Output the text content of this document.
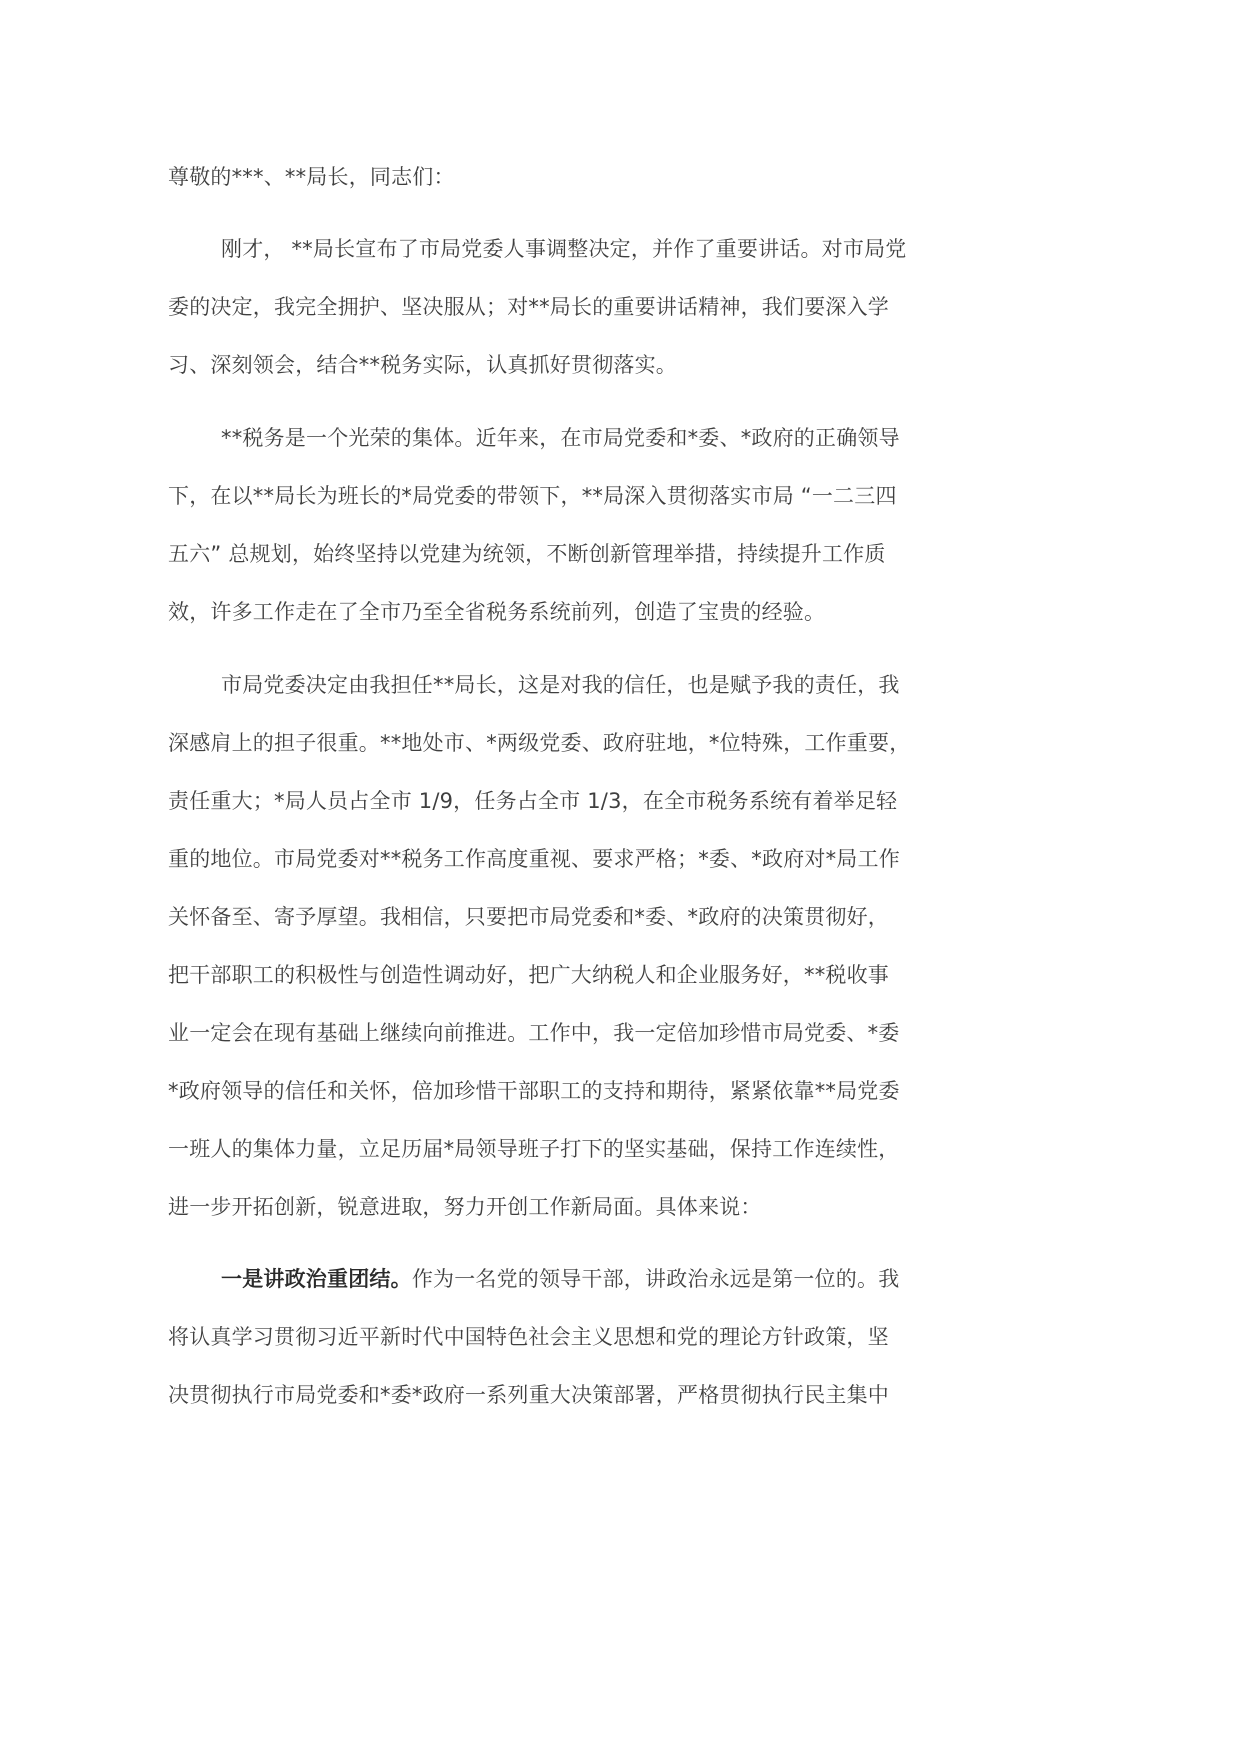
尊敬的***、**局长，同志们：
刚才， **局长宣布了市局党委人事调整决定，并作了重要讲话。对市局党
委的决定，我完全拥护、坚决服从；对**局长的重要讲话精神，我们要深入学
习、深刻领会，结合**税务实际，认真抓好贯彻落实。
**税务是一个光荣的集体。近年来，在市局党委和*委、*政府的正确领导
下，在以**局长为班长的*局党委的带领下，**局深入贯彻落实市局 “一二三四
五六” 总规划，始终坚持以党建为统领，不断创新管理举措，持续提升工作质
效，许多工作走在了全市乃至全省税务系统前列，创造了宝贵的经验。
市局党委决定由我担任**局长，这是对我的信任，也是赋予我的责任，我
深感肩上的担子很重。**地处市、*两级党委、政府驻地，*位特殊，工作重要，
责任重大；*局人员占全市 1/9，任务占全市 1/3，在全市税务系统有着举足轻
重的地位。市局党委对**税务工作高度重视、要求严格；*委、*政府对*局工作
关怀备至、寄予厚望。我相信，只要把市局党委和*委、*政府的决策贯彻好，
把干部职工的积极性与创造性调动好，把广大纳税人和企业服务好，**税收事
业一定会在现有基础上继续向前推进。工作中，我一定倍加珍惜市局党委、*委
*政府领导的信任和关怀，倍加珍惜干部职工的支持和期待，紧紧依靠**局党委
一班人的集体力量，立足历届*局领导班子打下的坚实基础，保持工作连续性，
进一步开拓创新，锐意进取，努力开创工作新局面。具体来说：
一是讲政治重团结。作为一名党的领导干部，讲政治永远是第一位的。我
将认真学习贯彻习近平新时代中国特色社会主义思想和党的理论方针政策，坚
决贯彻执行市局党委和*委*政府一系列重大决策部署，严格贯彻执行民主集中
